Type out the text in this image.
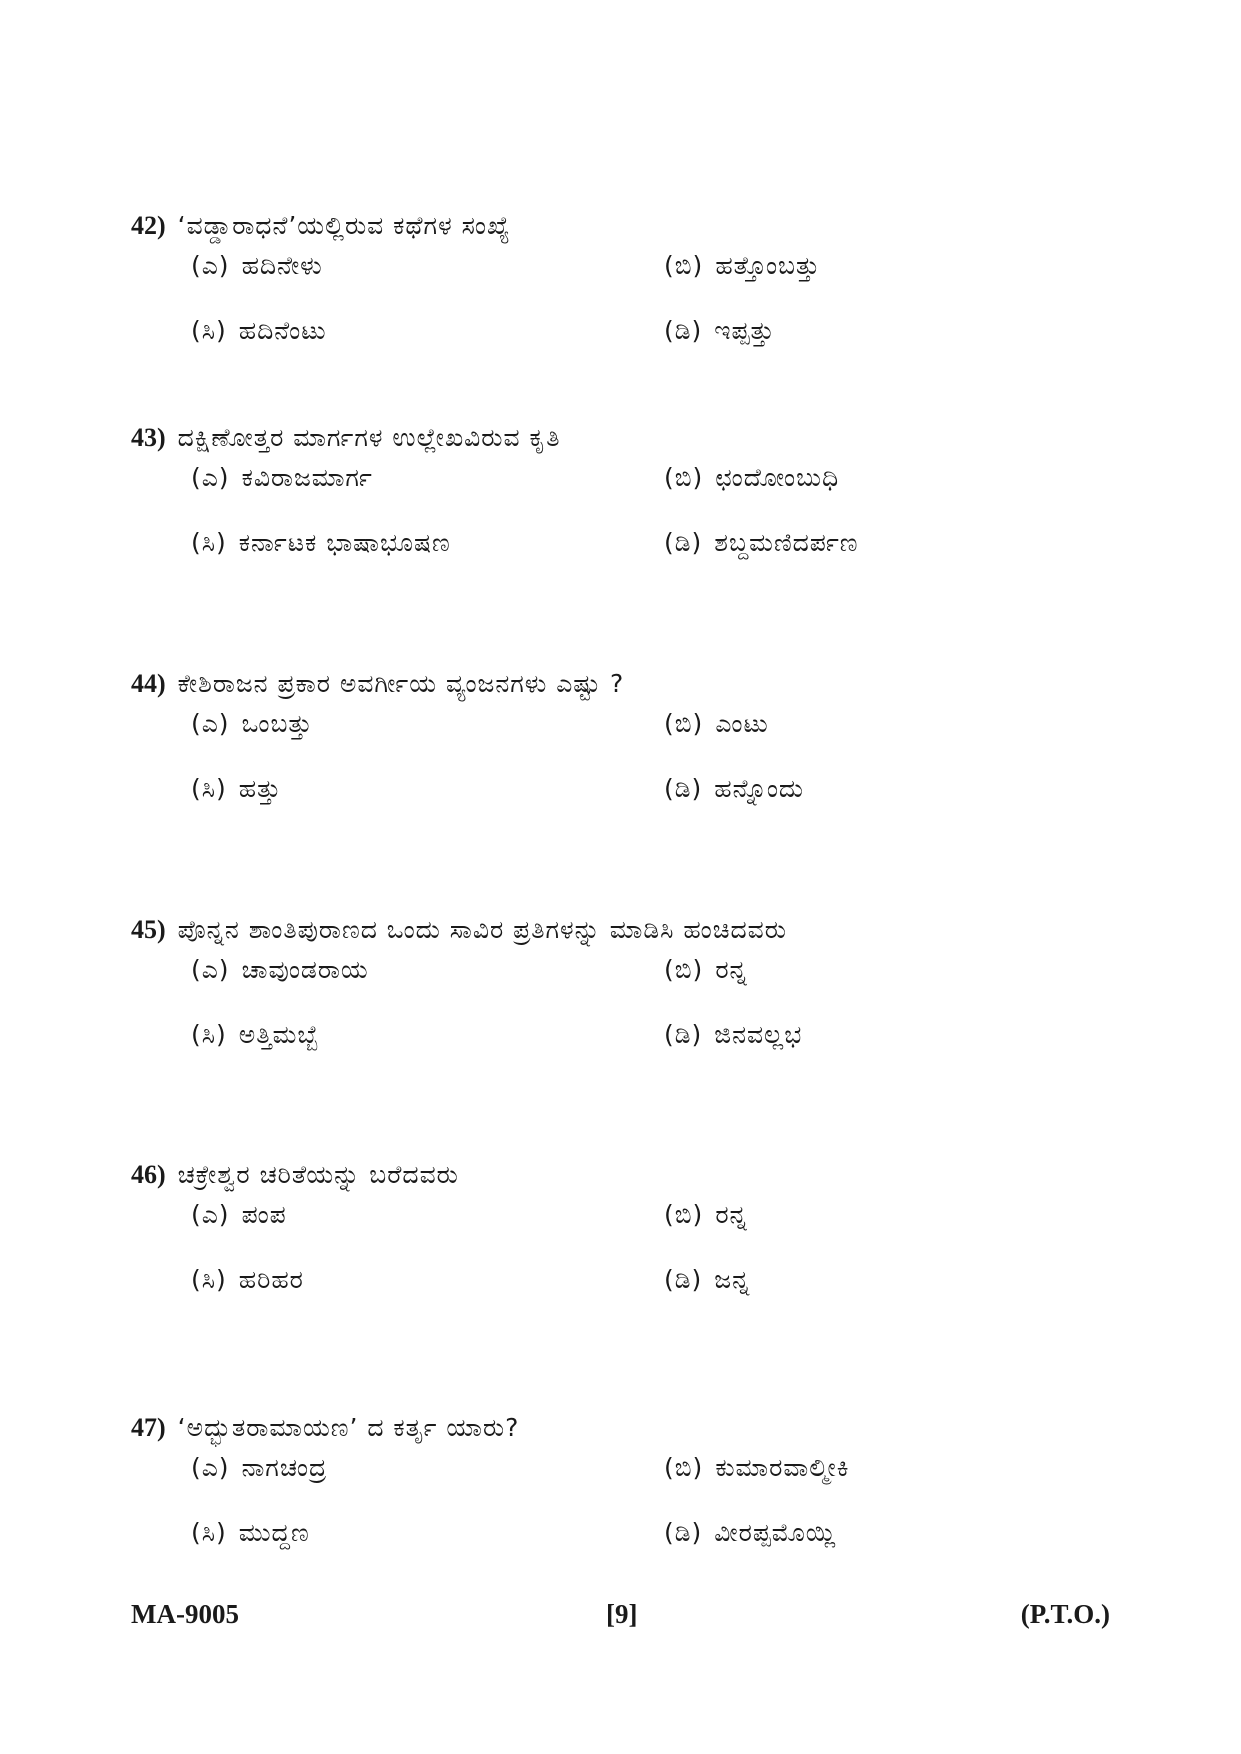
42) ‘ವಡ್ಡಾರಾಧನೆ’ಯಲ್ಲಿರುವ ಕಥೆಗಳ ಸಂಖ್ಯೆ
(ಎ) ಹದಿನೇಳು	(ಬಿ) ಹತ್ತೊಂಬತ್ತು
(ಸಿ) ಹದಿನೆಂಟು	(ಡಿ) ಇಪ್ಪತ್ತು
43) ದಕ್ಷಿಣೋತ್ತರ ಮಾರ್ಗಗಳ ಉಲ್ಲೇಖವಿರುವ ಕೃತಿ
(ಎ) ಕವಿರಾಜಮಾರ್ಗ	(ಬಿ) ಛಂದೋಂಬುಧಿ
(ಸಿ) ಕರ್ನಾಟಕ ಭಾಷಾಭೂಷಣ	(ಡಿ) ಶಬ್ದಮಣಿದರ್ಪಣ
44) ಕೇಶಿರಾಜನ ಪ್ರಕಾರ ಅವರ್ಗೀಯ ವ್ಯಂಜನಗಳು ಎಷ್ಟು ?
(ಎ) ಒಂಬತ್ತು	(ಬಿ) ಎಂಟು
(ಸಿ) ಹತ್ತು	(ಡಿ) ಹನ್ನೊಂದು
45) ಪೊನ್ನನ ಶಾಂತಿಪುರಾಣದ ಒಂದು ಸಾವಿರ ಪ್ರತಿಗಳನ್ನು ಮಾಡಿಸಿ ಹಂಚಿದವರು
(ಎ) ಚಾವುಂಡರಾಯ	(ಬಿ) ರನ್ನ
(ಸಿ) ಅತ್ತಿಮಬ್ಬೆ	(ಡಿ) ಜಿನವಲ್ಲಭ
46) ಚಕ್ರೇಶ್ವರ ಚರಿತೆಯನ್ನು ಬರೆದವರು
(ಎ) ಪಂಪ	(ಬಿ) ರನ್ನ
(ಸಿ) ಹರಿಹರ	(ಡಿ) ಜನ್ನ
47) ‘ಅದ್ಭುತರಾಮಾಯಣ’ ದ ಕರ್ತೃ ಯಾರು?
(ಎ) ನಾಗಚಂದ್ರ	(ಬಿ) ಕುಮಾರವಾಲ್ಮೀಕಿ
(ಸಿ) ಮುದ್ದಣ	(ಡಿ) ವೀರಪ್ಪಮೊಯ್ಲಿ
MA-9005	[9]	(P.T.O.)
